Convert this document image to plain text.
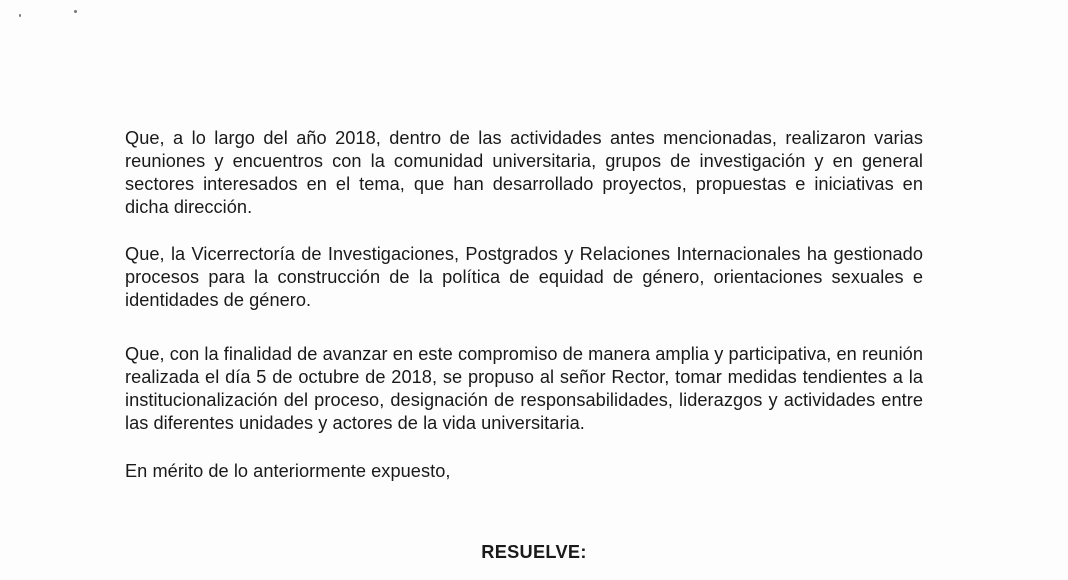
Que, a lo largo del año 2018, dentro de las actividades antes mencionadas, realizaron varias reuniones y encuentros con la comunidad universitaria, grupos de investigación y en general sectores interesados en el tema, que han desarrollado proyectos, propuestas e iniciativas en dicha dirección.

Que, la Vicerrectoría de Investigaciones, Postgrados y Relaciones Internacionales ha gestionado procesos para la construcción de la política de equidad de género, orientaciones sexuales e identidades de género.

Que, con la finalidad de avanzar en este compromiso de manera amplia y participativa, en reunión realizada el día 5 de octubre de 2018, se propuso al señor Rector, tomar medidas tendientes a la institucionalización del proceso, designación de responsabilidades, liderazgos y actividades entre las diferentes unidades y actores de la vida universitaria.

En mérito de lo anteriormente expuesto,

RESUELVE:
